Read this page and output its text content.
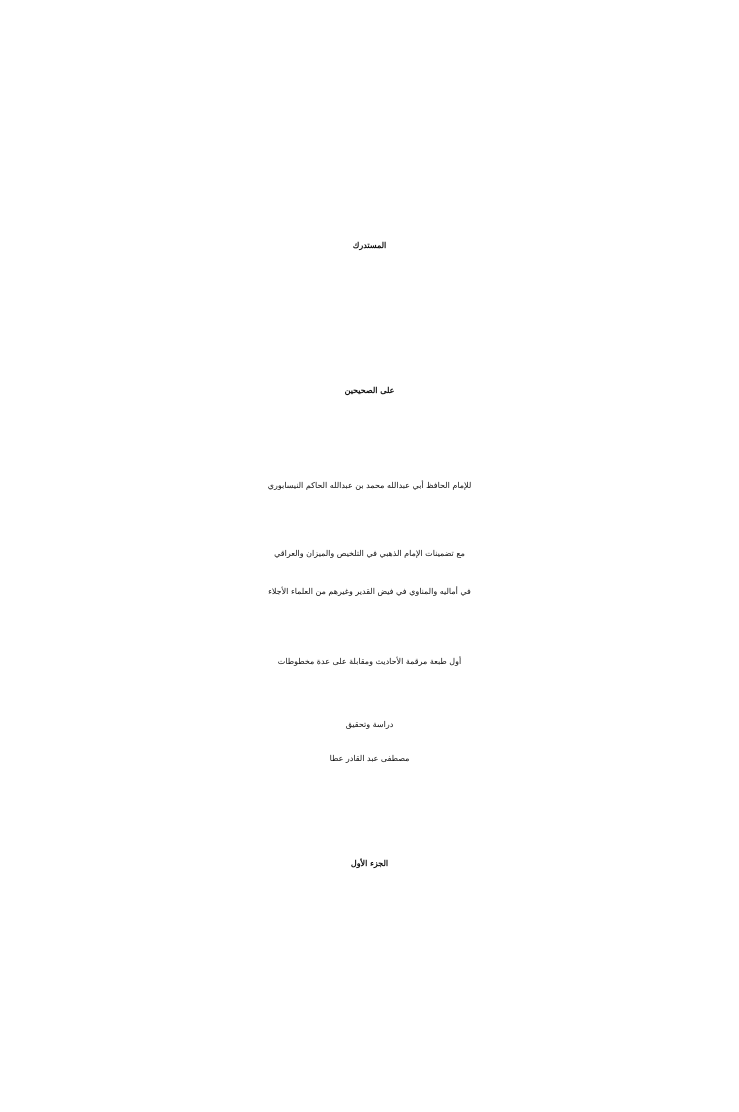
المستدرك
على الصحيحين
للإمام الحافظ أبي عبدالله محمد بن عبدالله الحاكم النيسابوري
مع تضمينات الإمام الذهبي في التلخيص والميزان والعراقي
في أماليه والمناوي في فيض القدير وغيرهم من العلماء الأجلاء
أول طبعة مرقمة الأحاديث ومقابلة على عدة مخطوطات
دراسة وتحقيق
مصطفى عبد القادر عطا
الجزء الأول
